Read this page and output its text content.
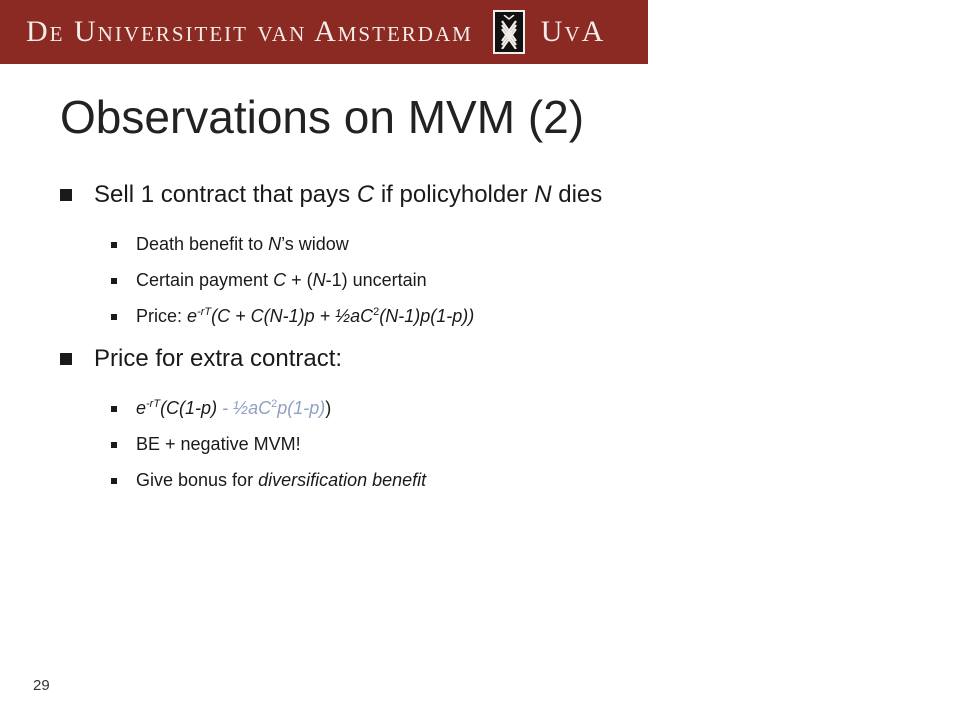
De Universiteit van Amsterdam UvA
Observations on MVM (2)
Sell 1 contract that pays C if policyholder N dies
Death benefit to N’s widow
Certain payment C + (N-1) uncertain
Price: $e^{-rT}(C + C(N-1)p$ + $\frac{1}{2}aC^2(N-1)p(1-p)$)
Price for extra contract:
$e^{-rT}(C(1-p)$ - $\frac{1}{2}aC^2p(1-p)$)
BE + negative MVM!
Give bonus for diversification benefit
29
